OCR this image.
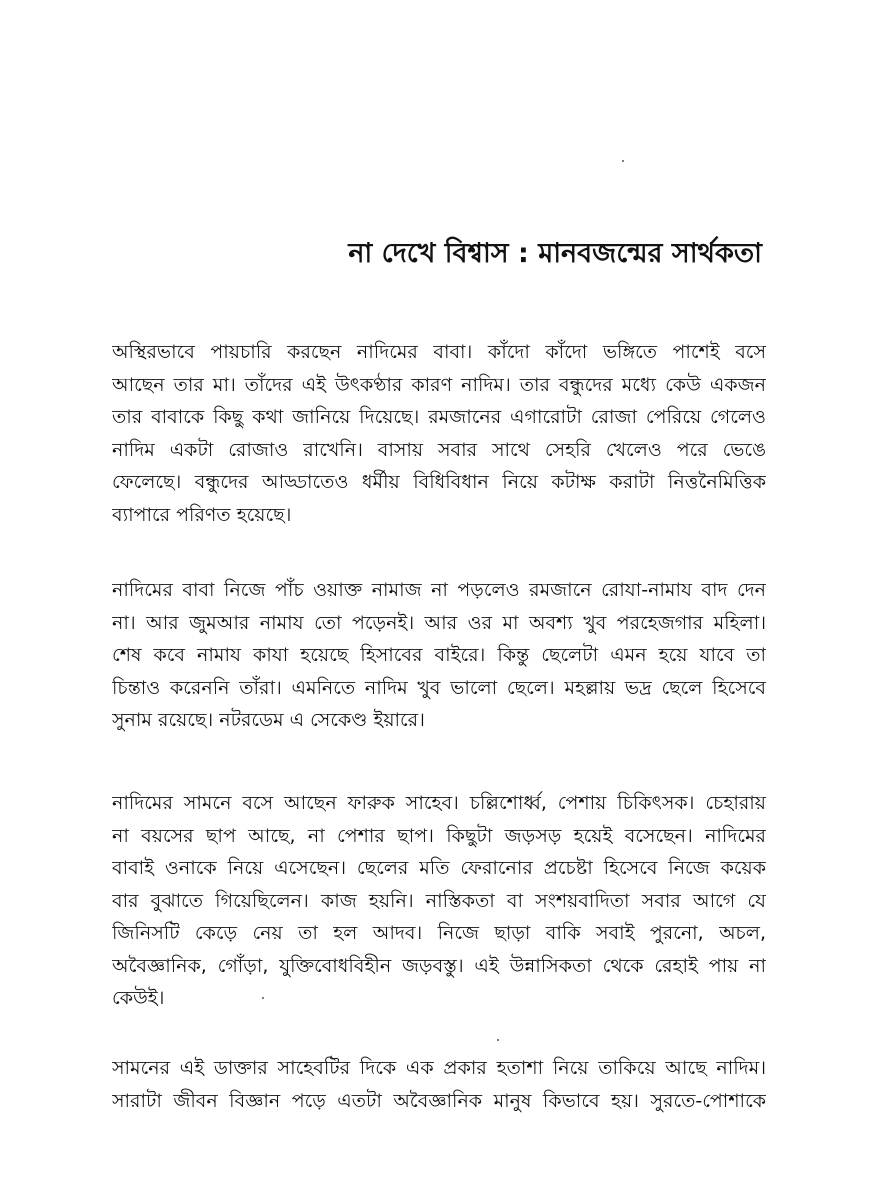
না দেখে বিশ্বাস : মানবজন্মের সার্থকতা
অস্থিরভাবে পায়চারি করছেন নাদিমের বাবা। কাঁদো কাঁদো ভঙ্গিতে পাশেই বসে
আছেন তার মা। তাঁদের এই উৎকণ্ঠার কারণ নাদিম। তার বন্ধুদের মধ্যে কেউ একজন
তার বাবাকে কিছু কথা জানিয়ে দিয়েছে। রমজানের এগারোটা রোজা পেরিয়ে গেলেও
নাদিম একটা রোজাও রাখেনি। বাসায় সবার সাথে সেহরি খেলেও পরে ভেঙে
ফেলেছে। বন্ধুদের আড্ডাতেও ধর্মীয় বিধিবিধান নিয়ে কটাক্ষ করাটা নিত্তনৈমিত্তিক
ব্যাপারে পরিণত হয়েছে।
নাদিমের বাবা নিজে পাঁচ ওয়াক্ত নামাজ না পড়লেও রমজানে রোযা-নামায বাদ দেন
না। আর জুমআর নামায তো পড়েনই। আর ওর মা অবশ্য খুব পরহেজগার মহিলা।
শেষ কবে নামায কাযা হয়েছে হিসাবের বাইরে। কিন্তু ছেলেটা এমন হয়ে যাবে তা
চিন্তাও করেননি তাঁরা। এমনিতে নাদিম খুব ভালো ছেলে। মহল্লায় ভদ্র ছেলে হিসেবে
সুনাম রয়েছে। নটরডেম এ সেকেণ্ড ইয়ারে।
নাদিমের সামনে বসে আছেন ফারুক সাহেব। চল্লিশোর্ধ্ব, পেশায় চিকিৎসক। চেহারায়
না বয়সের ছাপ আছে, না পেশার ছাপ। কিছুটা জড়সড় হয়েই বসেছেন। নাদিমের
বাবাই ওনাকে নিয়ে এসেছেন। ছেলের মতি ফেরানোর প্রচেষ্টা হিসেবে নিজে কয়েক
বার বুঝাতে গিয়েছিলেন। কাজ হয়নি। নাস্তিকতা বা সংশয়বাদিতা সবার আগে যে
জিনিসটি কেড়ে নেয় তা হল আদব। নিজে ছাড়া বাকি সবাই পুরনো, অচল,
অবৈজ্ঞানিক, গোঁড়া, যুক্তিবোধবিহীন জড়বস্তু। এই উন্নাসিকতা থেকে রেহাই পায় না
কেউই।
সামনের এই ডাক্তার সাহেবটির দিকে এক প্রকার হতাশা নিয়ে তাকিয়ে আছে নাদিম।
সারাটা জীবন বিজ্ঞান পড়ে এতটা অবৈজ্ঞানিক মানুষ কিভাবে হয়। সুরতে-পোশাকে
